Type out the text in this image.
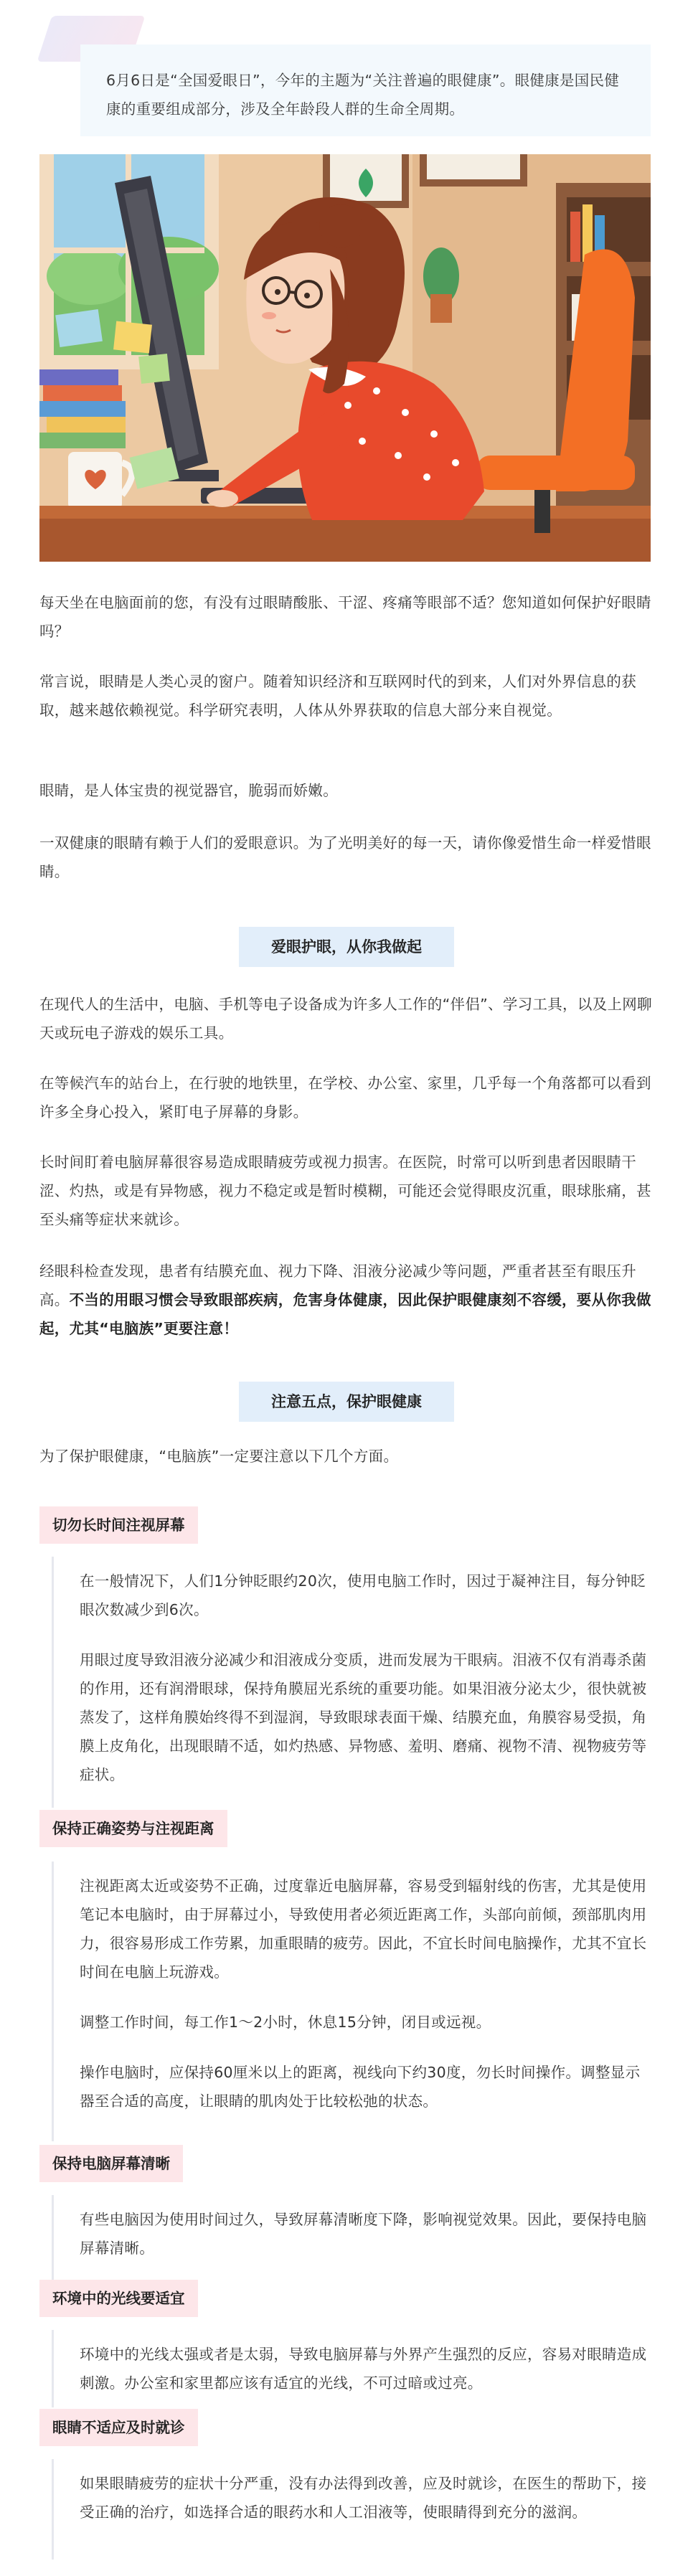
6月6日是“全国爱眼日”，今年的主题为“关注普遍的眼健康”。眼健康是国民健康的重要组成部分，涉及全年龄段人群的生命全周期。

每天坐在电脑面前的您，有没有过眼睛酸胀、干涩、疼痛等眼部不适？您知道如何保护好眼睛吗？

常言说，眼睛是人类心灵的窗户。随着知识经济和互联网时代的到来，人们对外界信息的获取，越来越依赖视觉。科学研究表明，人体从外界获取的信息大部分来自视觉。

眼睛，是人体宝贵的视觉器官，脆弱而娇嫩。

一双健康的眼睛有赖于人们的爱眼意识。为了光明美好的每一天，请你像爱惜生命一样爱惜眼睛。

爱眼护眼，从你我做起

在现代人的生活中，电脑、手机等电子设备成为许多人工作的“伴侣”、学习工具，以及上网聊天或玩电子游戏的娱乐工具。

在等候汽车的站台上，在行驶的地铁里，在学校、办公室、家里，几乎每一个角落都可以看到许多全身心投入，紧盯电子屏幕的身影。

长时间盯着电脑屏幕很容易造成眼睛疲劳或视力损害。在医院，时常可以听到患者因眼睛干涩、灼热，或是有异物感，视力不稳定或是暂时模糊，可能还会觉得眼皮沉重，眼球胀痛，甚至头痛等症状来就诊。

经眼科检查发现，患者有结膜充血、视力下降、泪液分泌减少等问题，严重者甚至有眼压升高。不当的用眼习惯会导致眼部疾病，危害身体健康，因此保护眼健康刻不容缓，要从你我做起，尤其“电脑族”更要注意！

注意五点，保护眼健康

为了保护眼健康，“电脑族”一定要注意以下几个方面。

切勿长时间注视屏幕

在一般情况下，人们1分钟眨眼约20次，使用电脑工作时，因过于凝神注目，每分钟眨眼次数减少到6次。

用眼过度导致泪液分泌减少和泪液成分变质，进而发展为干眼病。泪液不仅有消毒杀菌的作用，还有润滑眼球，保持角膜屈光系统的重要功能。如果泪液分泌太少，很快就被蒸发了，这样角膜始终得不到湿润，导致眼球表面干燥、结膜充血，角膜容易受损，角膜上皮角化，出现眼睛不适，如灼热感、异物感、羞明、磨痛、视物不清、视物疲劳等症状。

保持正确姿势与注视距离

注视距离太近或姿势不正确，过度靠近电脑屏幕，容易受到辐射线的伤害，尤其是使用笔记本电脑时，由于屏幕过小，导致使用者必须近距离工作，头部向前倾，颈部肌肉用力，很容易形成工作劳累，加重眼睛的疲劳。因此，不宜长时间电脑操作，尤其不宜长时间在电脑上玩游戏。

调整工作时间，每工作1～2小时，休息15分钟，闭目或远视。

操作电脑时，应保持60厘米以上的距离，视线向下约30度，勿长时间操作。调整显示器至合适的高度，让眼睛的肌肉处于比较松弛的状态。

保持电脑屏幕清晰

有些电脑因为使用时间过久，导致屏幕清晰度下降，影响视觉效果。因此，要保持电脑屏幕清晰。

环境中的光线要适宜

环境中的光线太强或者是太弱，导致电脑屏幕与外界产生强烈的反应，容易对眼睛造成刺激。办公室和家里都应该有适宜的光线，不可过暗或过亮。

眼睛不适应及时就诊

如果眼睛疲劳的症状十分严重，没有办法得到改善，应及时就诊，在医生的帮助下，接受正确的治疗，如选择合适的眼药水和人工泪液等，使眼睛得到充分的滋润。
